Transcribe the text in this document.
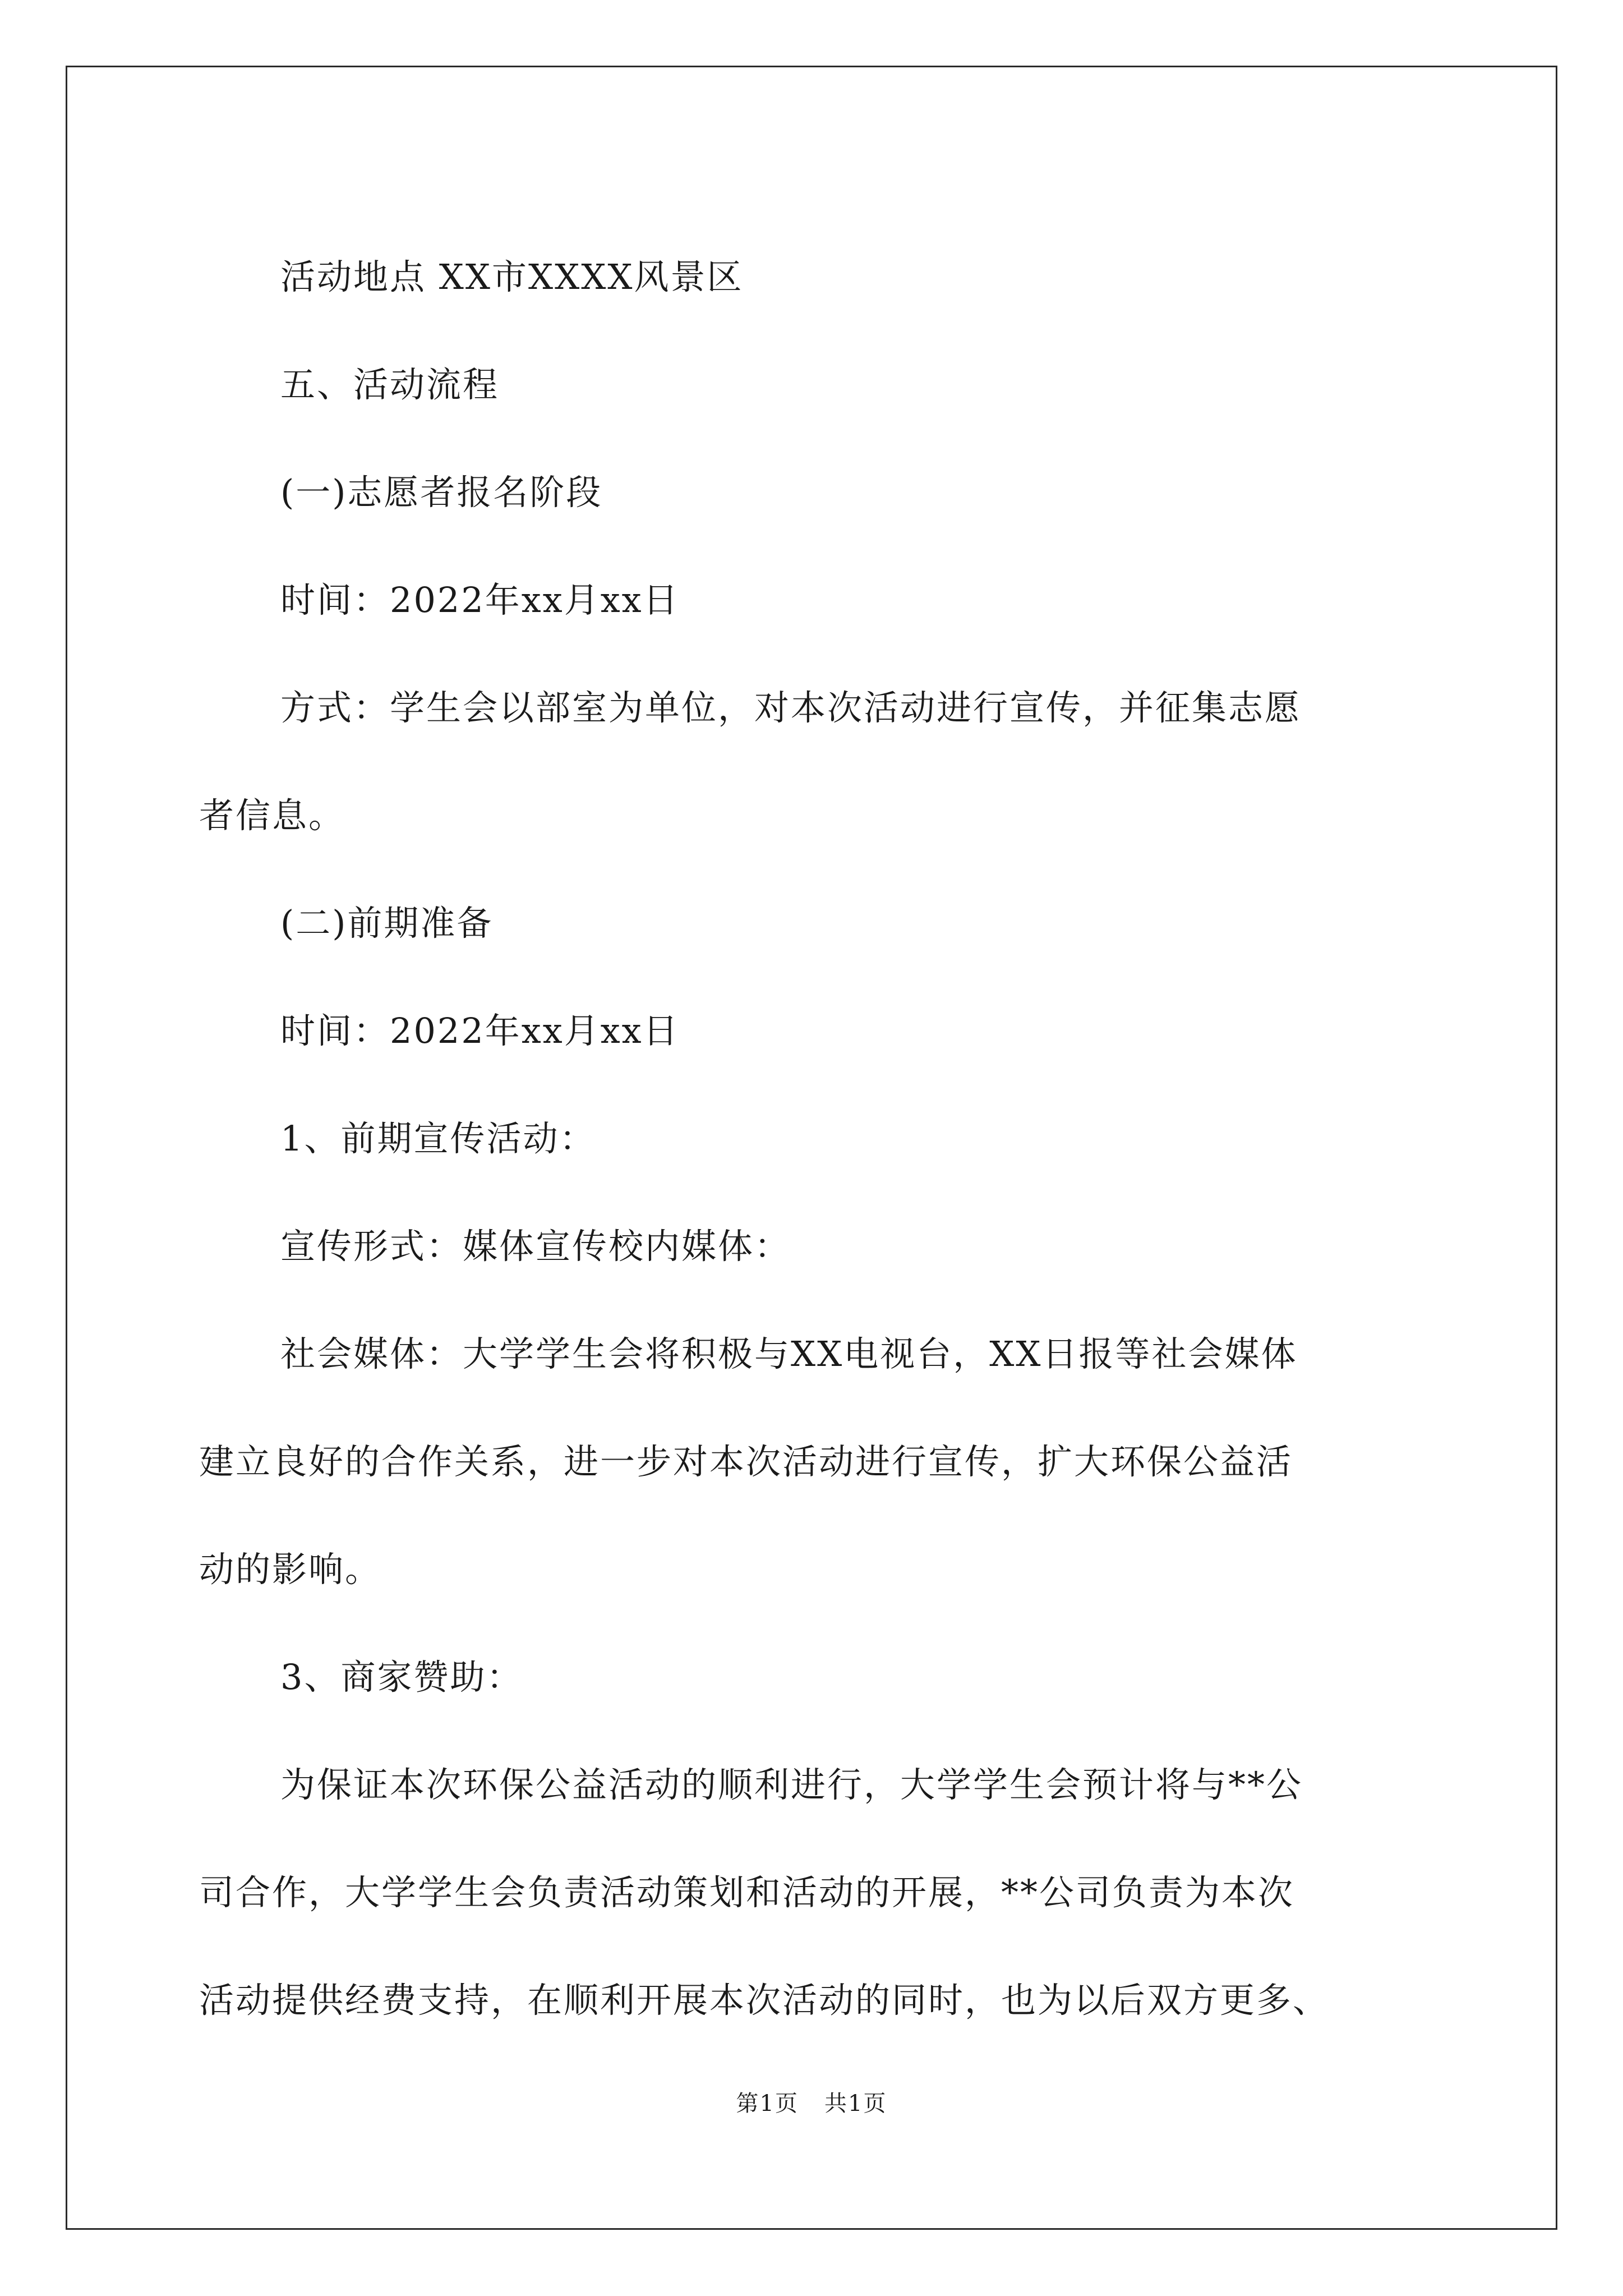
活动地点 XX市XXXX风景区

五、活动流程

(一)志愿者报名阶段

时间：2022年xx月xx日

方式：学生会以部室为单位，对本次活动进行宣传，并征集志愿

者信息。

(二)前期准备

时间：2022年xx月xx日

1、前期宣传活动：

宣传形式：媒体宣传校内媒体：

社会媒体：大学学生会将积极与XX电视台，XX日报等社会媒体

建立良好的合作关系，进一步对本次活动进行宣传，扩大环保公益活

动的影响。

3、商家赞助：

为保证本次环保公益活动的顺利进行，大学学生会预计将与**公

司合作，大学学生会负责活动策划和活动的开展，**公司负责为本次

活动提供经费支持，在顺利开展本次活动的同时，也为以后双方更多、

第1页 共1页
